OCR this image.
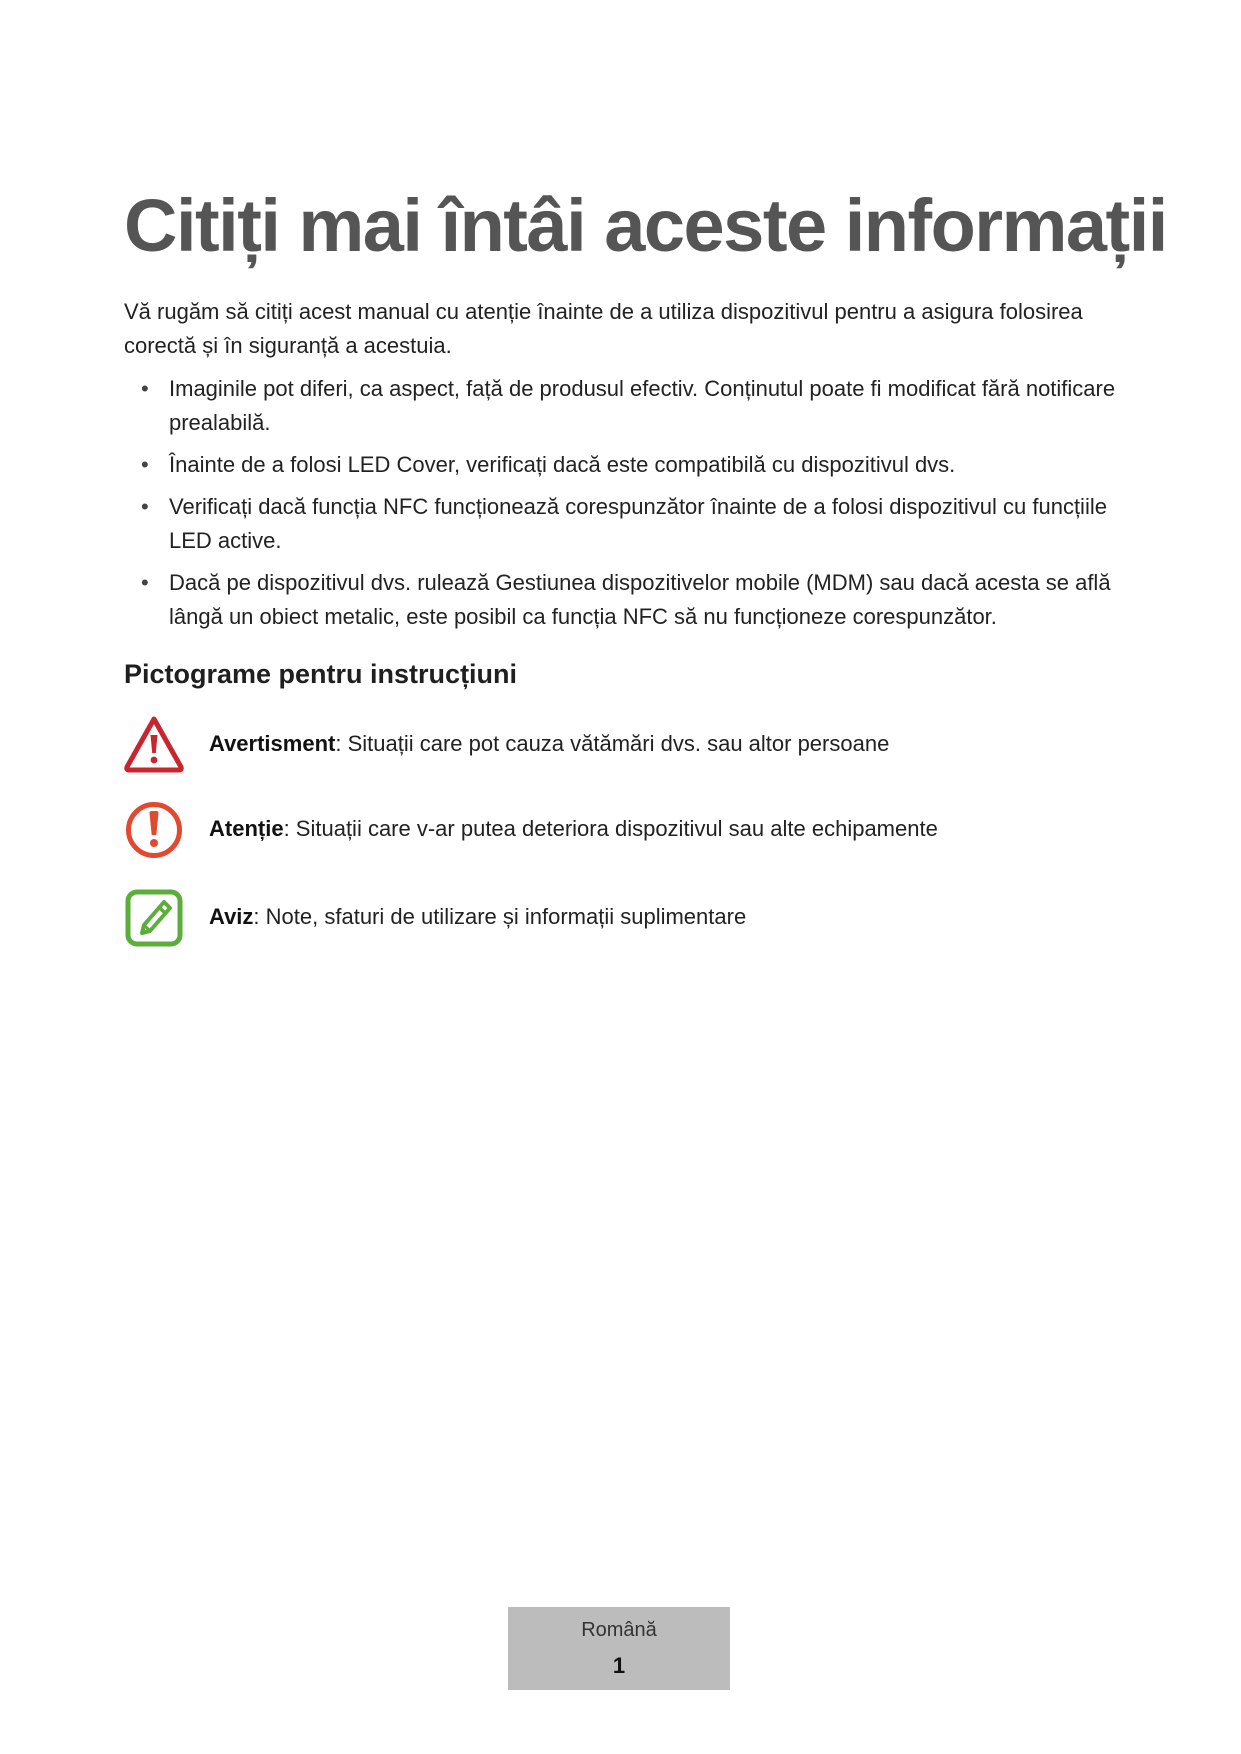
Citiți mai întâi aceste informații

Vă rugăm să citiți acest manual cu atenție înainte de a utiliza dispozitivul pentru a asigura folosirea corectă și în siguranță a acestuia.

• Imaginile pot diferi, ca aspect, față de produsul efectiv. Conținutul poate fi modificat fără notificare prealabilă.
• Înainte de a folosi LED Cover, verificați dacă este compatibilă cu dispozitivul dvs.
• Verificați dacă funcția NFC funcționează corespunzător înainte de a folosi dispozitivul cu funcțiile LED active.
• Dacă pe dispozitivul dvs. rulează Gestiunea dispozitivelor mobile (MDM) sau dacă acesta se află lângă un obiect metalic, este posibil ca funcția NFC să nu funcționeze corespunzător.
Pictograme pentru instrucțiuni
Avertisment: Situații care pot cauza vătămări dvs. sau altor persoane
Atenție: Situații care v-ar putea deteriora dispozitivul sau alte echipamente
Aviz: Note, sfaturi de utilizare și informații suplimentare
Română
1
